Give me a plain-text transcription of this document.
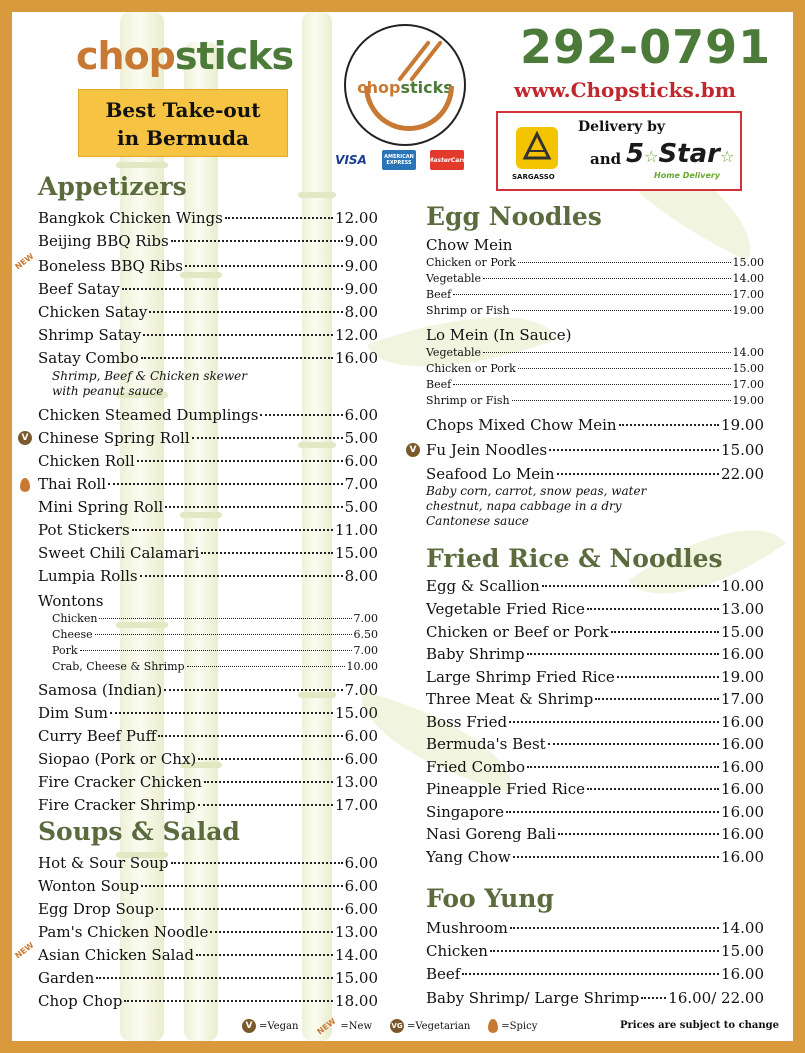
chopsticks
Best Take-out
in Bermuda
chopsticks
VISA	AMERICAN EXPRESS	MasterCard
292-0791
www.Chopsticks.bm
Delivery by
SARGASSO
and 5☆Star☆
Home Delivery
Appetizers
Shrimp, Beef & Chicken skewer
with peanut sauce
Wontons
Soups & Salad
Egg Noodles
Chow Mein
Lo Mein (In Sauce)
Baby corn, carrot, snow peas, water
chestnut, napa cabbage in a dry
Cantonese sauce
Fried Rice & Noodles
Foo Yung
Bangkok Chicken Wings	12.00
Beijing BBQ Ribs	9.00
Boneless BBQ Ribs	9.00
NEW
Beef Satay	9.00
Chicken Satay	8.00
Shrimp Satay	12.00
Satay Combo	16.00
Chicken Steamed Dumplings	6.00
Chinese Spring Roll	5.00
V
Chicken Roll	6.00
Thai Roll	7.00
Mini Spring Roll	5.00
Pot Stickers	11.00
Sweet Chili Calamari	15.00
Lumpia Rolls	8.00
Chicken	7.00
Cheese	6.50
Pork	7.00
Crab, Cheese & Shrimp	10.00
Samosa (Indian)	7.00
Dim Sum	15.00
Curry Beef Puff	6.00
Siopao (Pork or Chx)	6.00
Fire Cracker Chicken	13.00
Fire Cracker Shrimp	17.00
Hot & Sour Soup	6.00
Wonton Soup	6.00
Egg Drop Soup	6.00
Pam's Chicken Noodle	13.00
Asian Chicken Salad	14.00
NEW
Garden	15.00
Chop Chop	18.00
Chicken or Pork	15.00
Vegetable	14.00
Beef	17.00
Shrimp or Fish	19.00
Vegetable	14.00
Chicken or Pork	15.00
Beef	17.00
Shrimp or Fish	19.00
Chops Mixed Chow Mein	19.00
Fu Jein Noodles	15.00
V
Seafood Lo Mein	22.00
Egg & Scallion	10.00
Vegetable Fried Rice	13.00
Chicken or Beef or Pork	15.00
Baby Shrimp	16.00
Large Shrimp Fried Rice	19.00
Three Meat & Shrimp	17.00
Boss Fried	16.00
Bermuda's Best	16.00
Fried Combo	16.00
Pineapple Fried Rice	16.00
Singapore	16.00
Nasi Goreng Bali	16.00
Yang Chow	16.00
Mushroom	14.00
Chicken	15.00
Beef	16.00
Baby Shrimp/ Large Shrimp 16.00/ 22.00
V =Vegan NEW =New	VG =Vegetarian	=Spicy	Prices are subject to change
